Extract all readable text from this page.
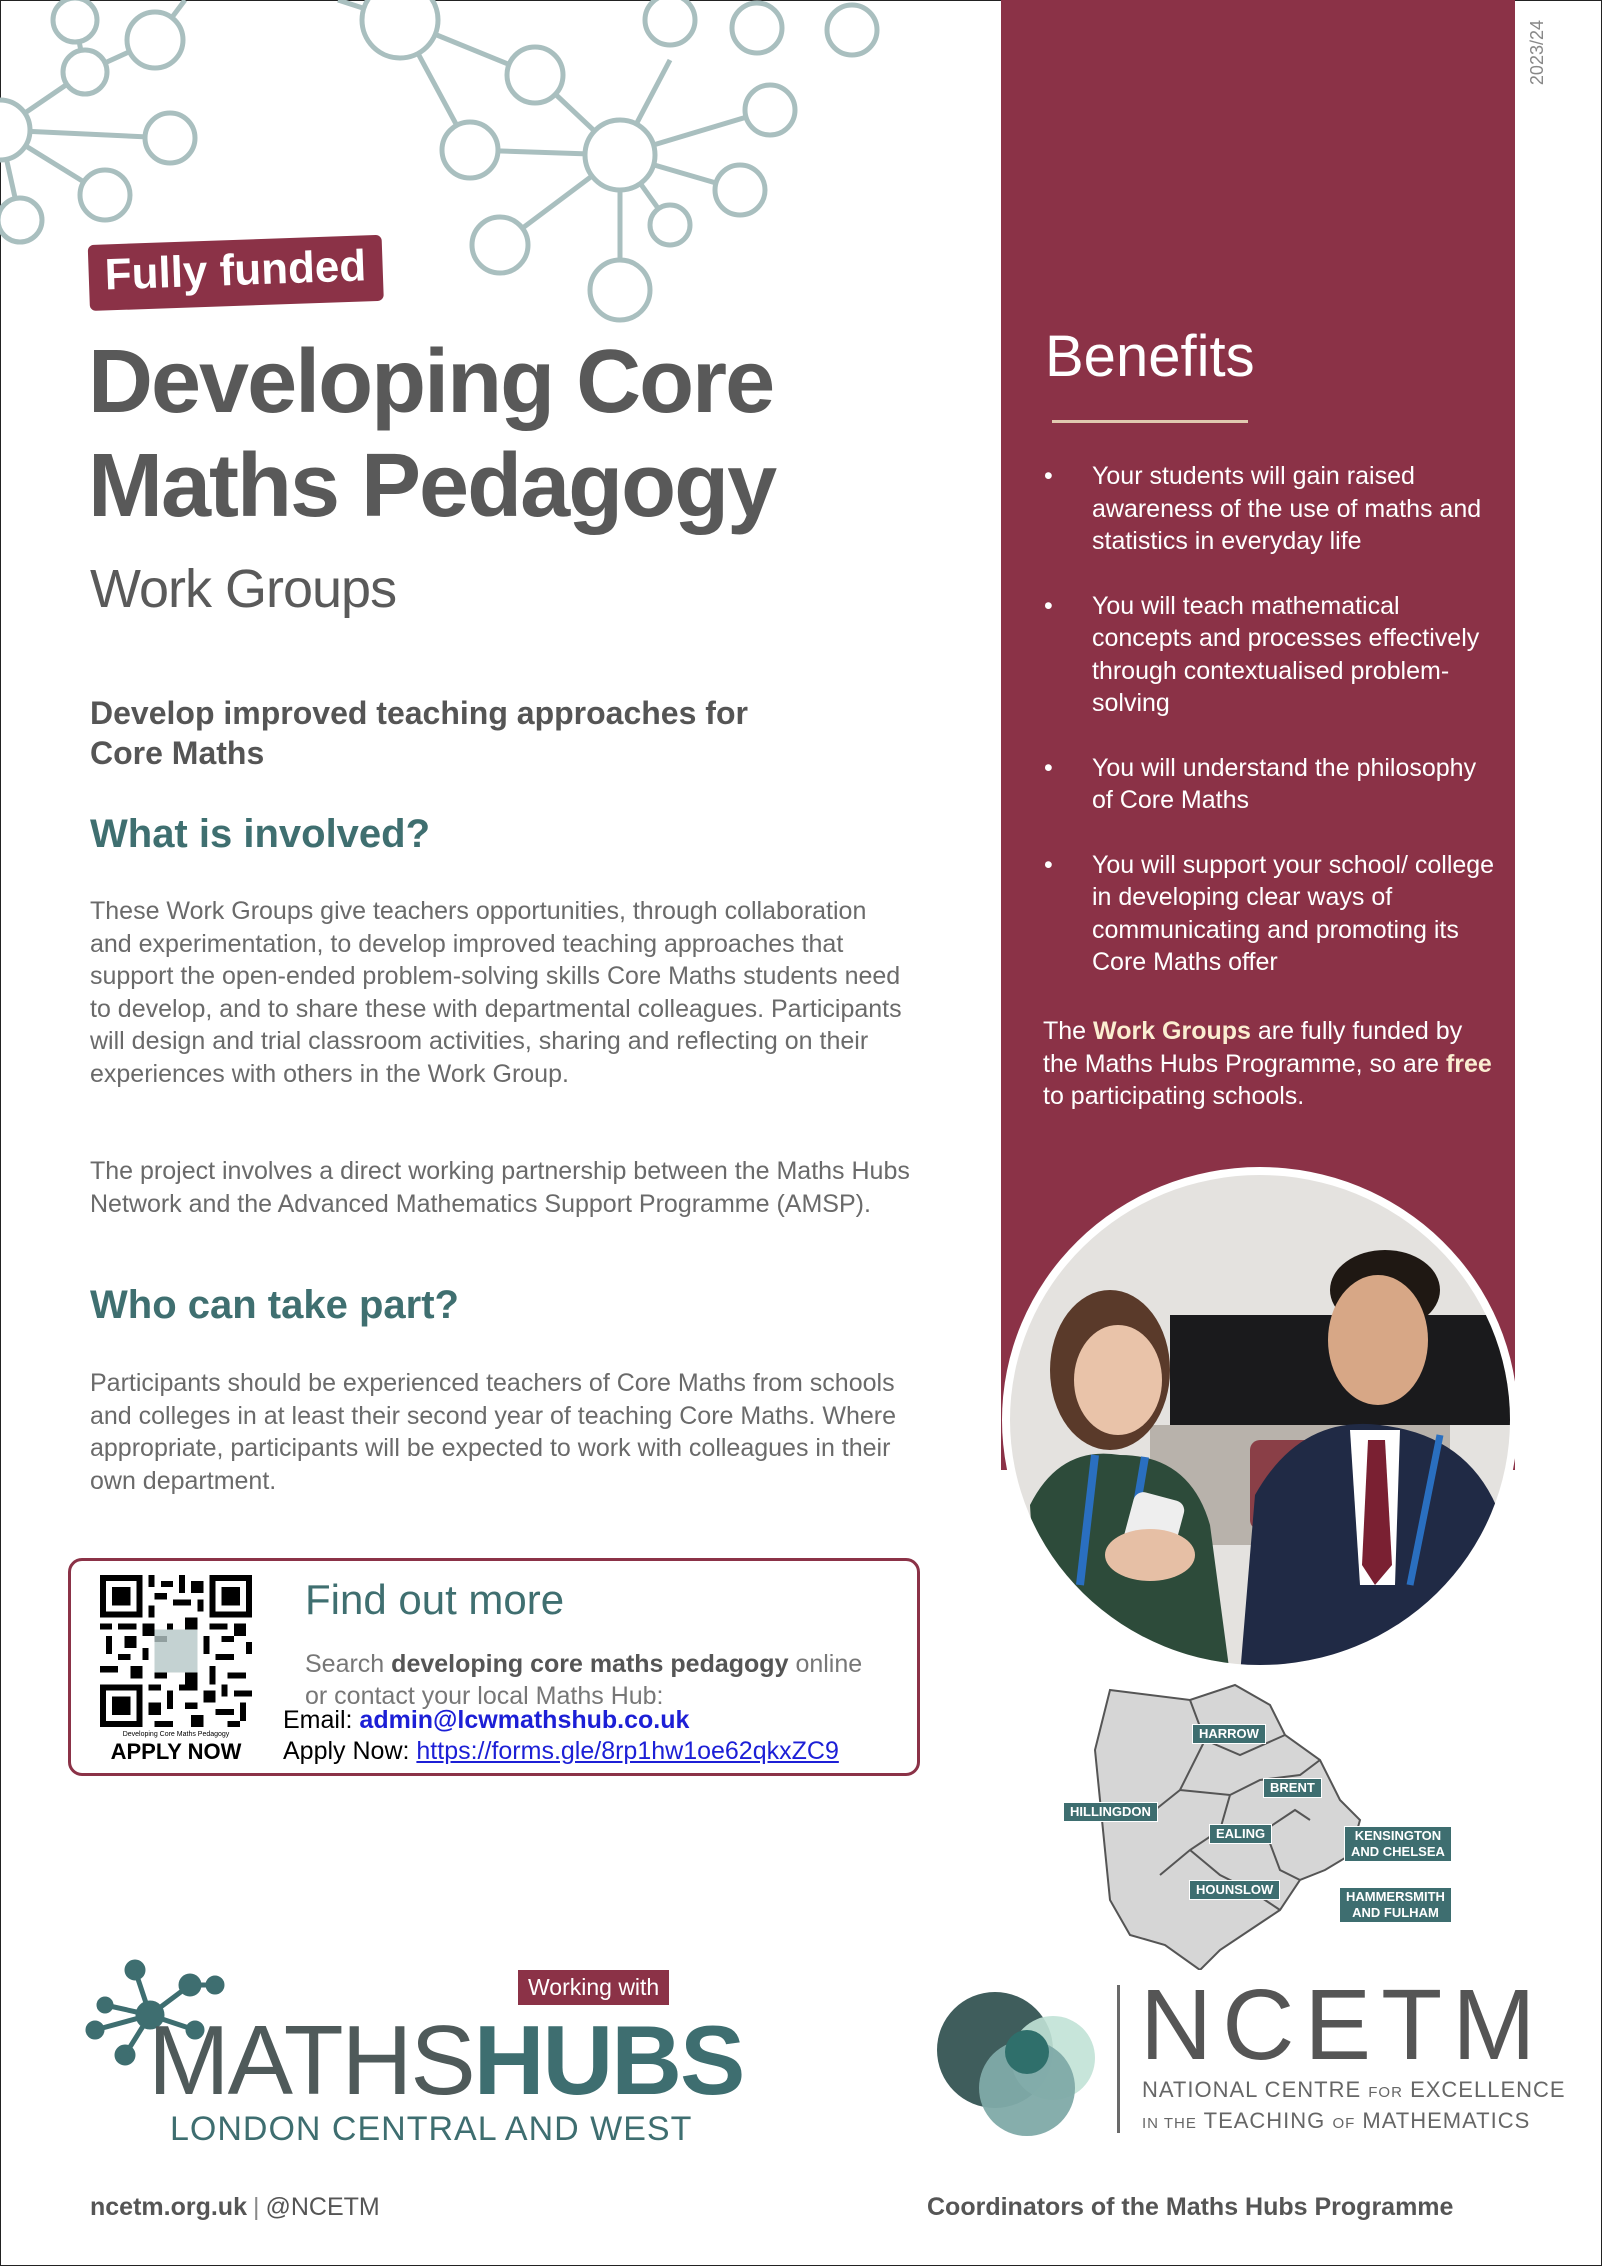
Fully funded
Developing Core
Maths Pedagogy
Work Groups
Develop improved teaching approaches for
Core Maths
What is involved?

These Work Groups give teachers opportunities, through collaboration and experimentation, to develop improved teaching approaches that support the open-ended problem-solving skills Core Maths students need to develop, and to share these with departmental colleagues. Participants will design and trial classroom activities, sharing and reflecting on their experiences with others in the Work Group.

The project involves a direct working partnership between the Maths Hubs Network and the Advanced Mathematics Support Programme (AMSP).

Who can take part?

Participants should be experienced teachers of Core Maths from schools and colleges in at least their second year of teaching Core Maths. Where appropriate, participants will be expected to work with colleagues in their own department.

Developing Core Maths Pedagogy
APPLY NOW
Find out more
Search developing core maths pedagogy online
or contact your local Maths Hub:
Email: admin@lcwmathshub.co.uk
Apply Now: https://forms.gle/8rp1hw1oe62qkxZC9
2023/24
Benefits
• Your students will gain raised awareness of the use of maths and statistics in everyday life
• You will teach mathematical concepts and processes effectively through contextualised problem-solving
• You will understand the philosophy of Core Maths
• You will support your school/ college in developing clear ways of communicating and promoting its Core Maths offer
The Work Groups are fully funded by the Maths Hubs Programme, so are free to participating schools.
HARROW
BRENT
HILLINGDON
EALING	KENSINGTON
AND CHELSEA
HOUNSLOW	HAMMERSMITH
AND FULHAM
Working with
MATHSHUBS
LONDON CENTRAL AND WEST
NCETM
NATIONAL CENTRE FOR EXCELLENCE
IN THE TEACHING OF MATHEMATICS
ncetm.org.uk | @NCETM	Coordinators of the Maths Hubs Programme
